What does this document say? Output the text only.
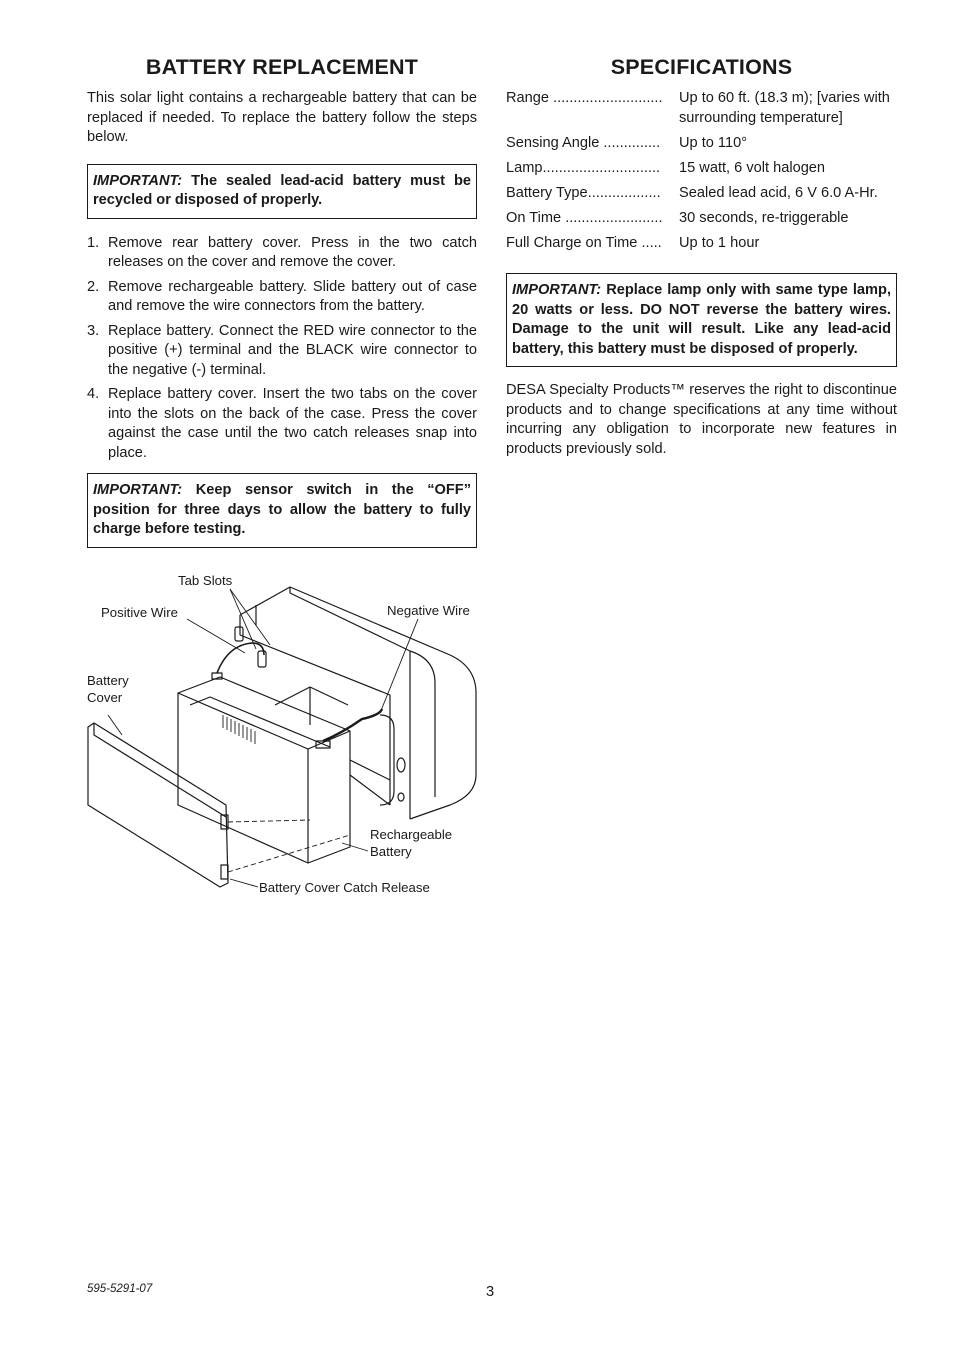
BATTERY REPLACEMENT

This solar light contains a rechargeable battery that can be replaced if needed. To replace the battery follow the steps below.

IMPORTANT: The sealed lead-acid battery must be recycled or disposed of properly.
1. Remove rear battery cover. Press in the two catch releases on the cover and remove the cover.
2. Remove rechargeable battery. Slide battery out of case and remove the wire connectors from the battery.
3. Replace battery. Connect the RED wire connector to the positive (+) terminal and the BLACK wire connector to the negative (-) terminal.
4. Replace battery cover. Insert the two tabs on the cover into the slots on the back of the case. Press the cover against the case until the two catch releases snap into place.
IMPORTANT: Keep sensor switch in the “OFF” position for three days to allow the battery to fully charge before testing.
Tab Slots
Positive Wire	Negative Wire
Battery
Cover
Rechargeable
Battery
Battery Cover Catch Release
SPECIFICATIONS
Range ...........................	Up to 60 ft. (18.3 m); [varies with surrounding temperature]
Sensing Angle ..............	Up to 110°
Lamp.............................	15 watt, 6 volt halogen
Battery Type..................	Sealed lead acid, 6 V 6.0 A-Hr.
On Time ........................	30 seconds, re-triggerable
Full Charge on Time .....	Up to 1 hour
IMPORTANT: Replace lamp only with same type lamp, 20 watts or less. DO NOT reverse the battery wires. Damage to the unit will result. Like any lead-acid battery, this battery must be disposed of properly.

DESA Specialty Products™ reserves the right to discontinue products and to change specifications at any time without incurring any obligation to incorporate new features in products previously sold.

595-5291-07	3
